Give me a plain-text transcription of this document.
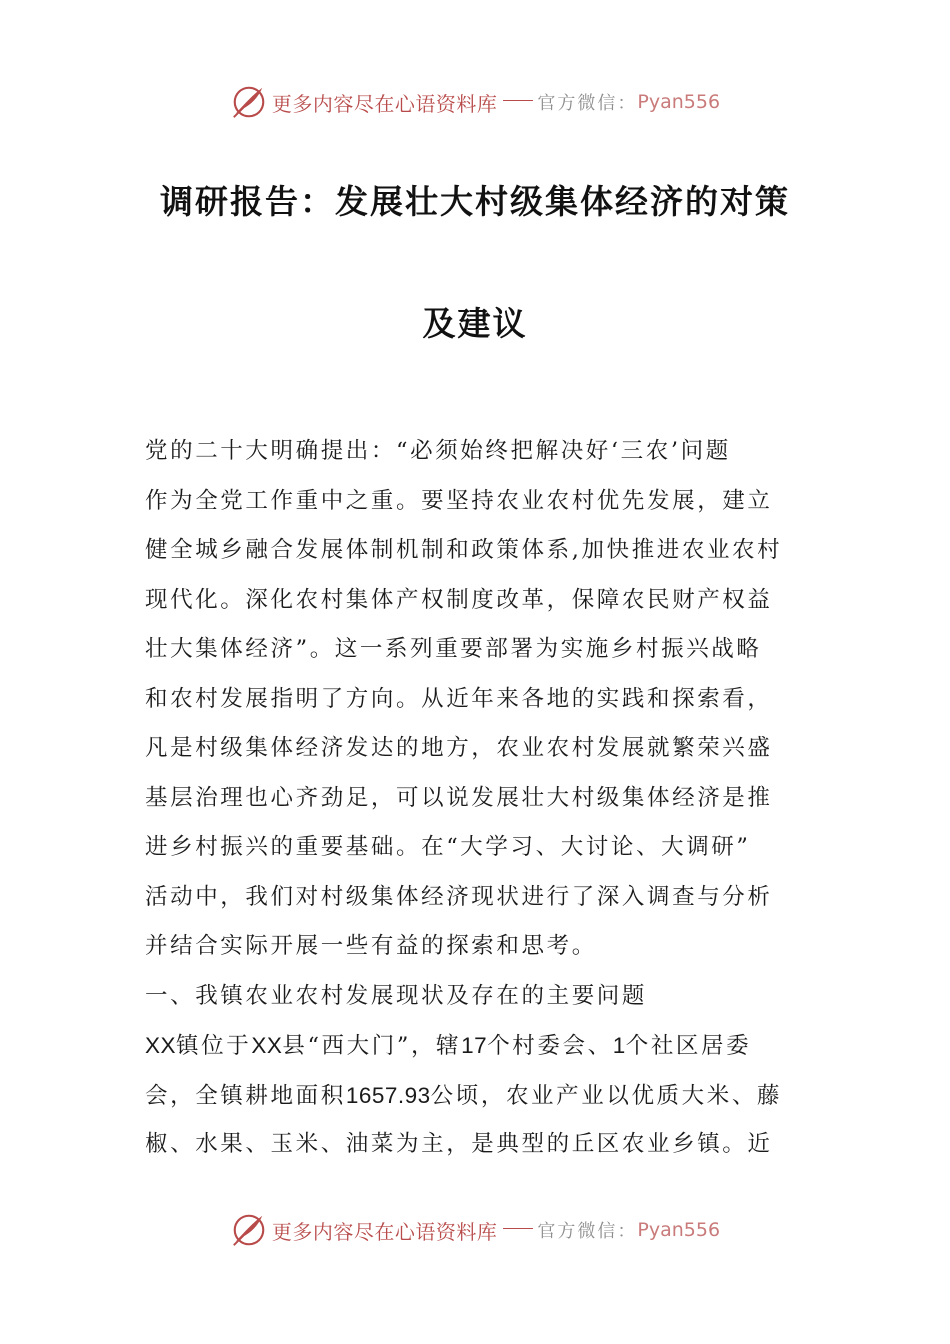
更多内容尽在心语资料库 官方微信： Pyan556
调研报告：发展壮大村级集体经济的对策
及建议
党的二十大明确提出：“必须始终把解决好‘三农’问题
作为全党工作重中之重。要坚持农业农村优先发展，建立
健全城乡融合发展体制机制和政策体系,加快推进农业农村
现代化。深化农村集体产权制度改革，保障农民财产权益
壮大集体经济”。这一系列重要部署为实施乡村振兴战略
和农村发展指明了方向。从近年来各地的实践和探索看，
凡是村级集体经济发达的地方，农业农村发展就繁荣兴盛
基层治理也心齐劲足，可以说发展壮大村级集体经济是推
进乡村振兴的重要基础。在“大学习、大讨论、大调研”
活动中，我们对村级集体经济现状进行了深入调查与分析
并结合实际开展一些有益的探索和思考。
一、我镇农业农村发展现状及存在的主要问题
XX镇位于XX县“西大门”，辖17个村委会、1个社区居委
会，全镇耕地面积1657.93公顷，农业产业以优质大米、藤
椒、水果、玉米、油菜为主，是典型的丘区农业乡镇。近
更多内容尽在心语资料库 官方微信： Pyan556
